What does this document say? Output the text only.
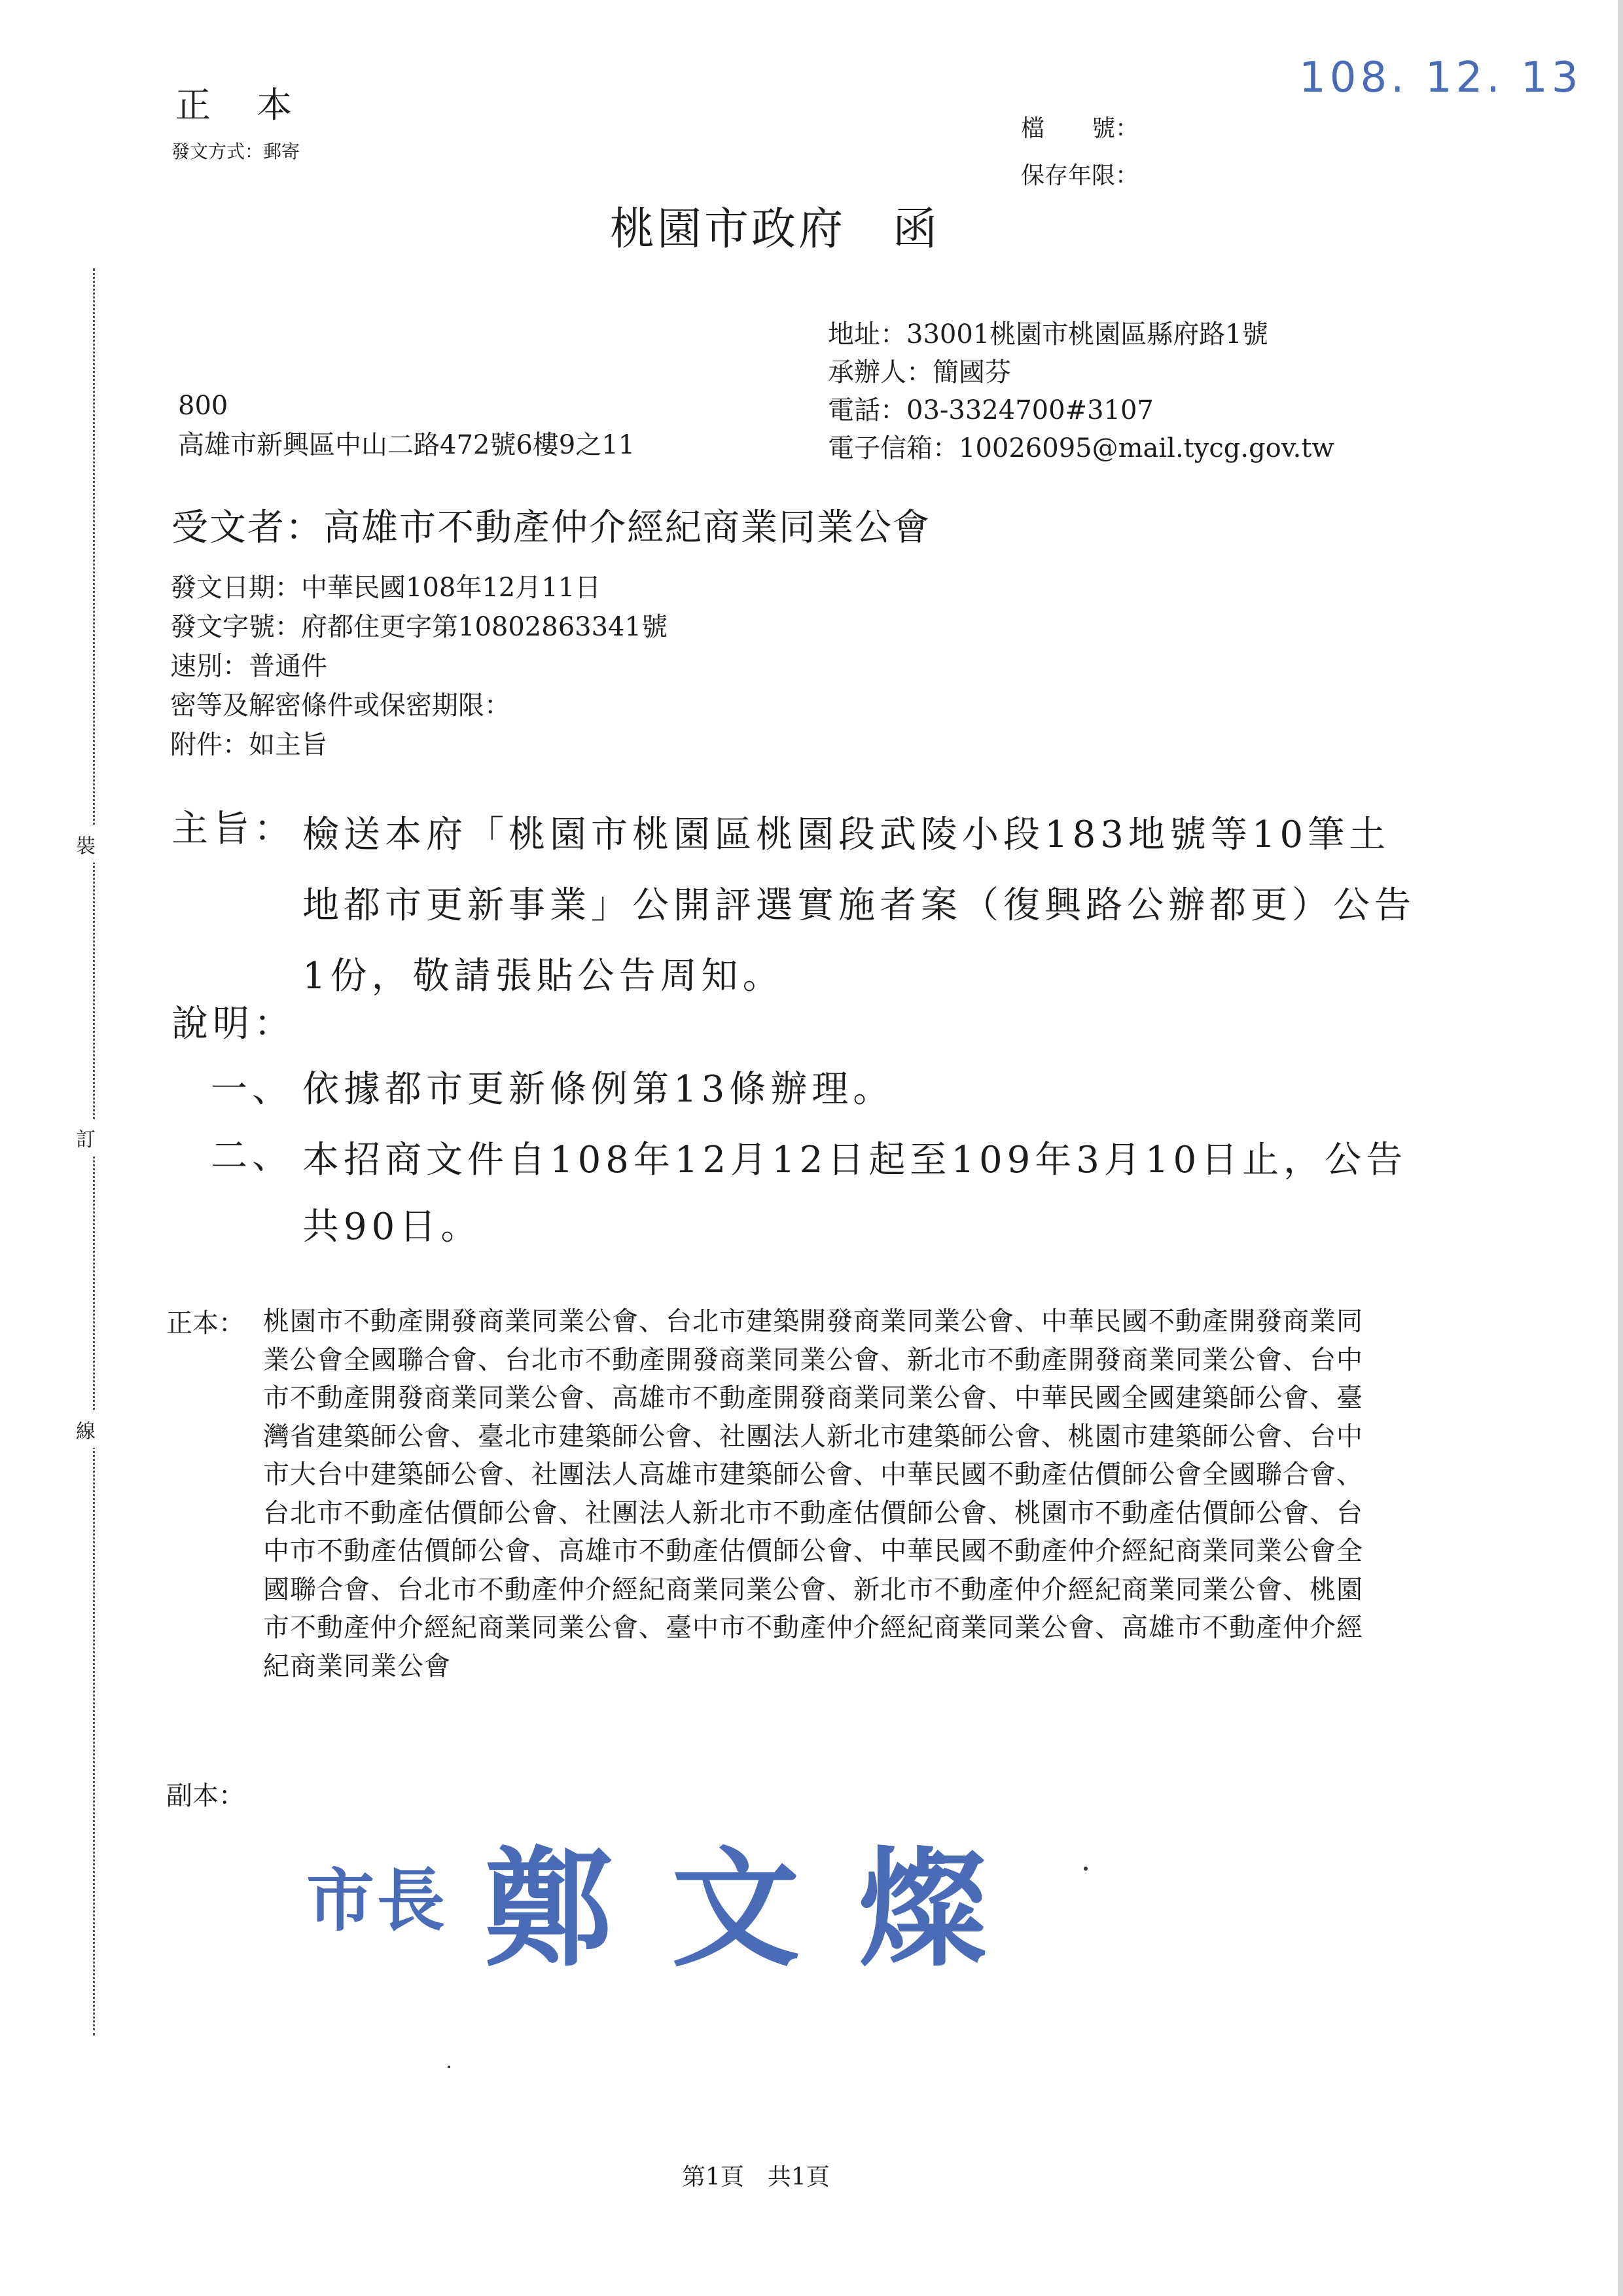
裝
訂
線
正本
發文方式：郵寄
108. 12. 13
檔　　號：
保存年限：
桃園市政府　函
地址：33001桃園市桃園區縣府路1號
承辦人：簡國芬
電話：03-3324700#3107
電子信箱：10026095@mail.tycg.gov.tw
800
高雄市新興區中山二路472號6樓9之11
受文者：高雄市不動產仲介經紀商業同業公會
發文日期：中華民國108年12月11日
發文字號：府都住更字第10802863341號
速別：普通件
密等及解密條件或保密期限：
附件：如主旨
主旨： 檢送本府「桃園市桃園區桃園段武陵小段183地號等10筆土地都市更新事業」公開評選實施者案（復興路公辦都更）公告1份，敬請張貼公告周知。
說明：
一、 依據都市更新條例第13條辦理。
二、 本招商文件自108年12月12日起至109年3月10日止，公告共90日。
正本： 桃園市不動產開發商業同業公會、台北市建築開發商業同業公會、中華民國不動產開發商業同業公會全國聯合會、台北市不動產開發商業同業公會、新北市不動產開發商業同業公會、台中市不動產開發商業同業公會、高雄市不動產開發商業同業公會、中華民國全國建築師公會、臺灣省建築師公會、臺北市建築師公會、社團法人新北市建築師公會、桃園市建築師公會、台中市大台中建築師公會、社團法人高雄市建築師公會、中華民國不動產估價師公會全國聯合會、台北市不動產估價師公會、社團法人新北市不動產估價師公會、桃園市不動產估價師公會、台中市不動產估價師公會、高雄市不動產估價師公會、中華民國不動產仲介經紀商業同業公會全國聯合會、台北市不動產仲介經紀商業同業公會、新北市不動產仲介經紀商業同業公會、桃園市不動產仲介經紀商業同業公會、臺中市不動產仲介經紀商業同業公會、高雄市不動產仲介經紀商業同業公會
副本：
市長 鄭文燦
第1頁　共1頁
